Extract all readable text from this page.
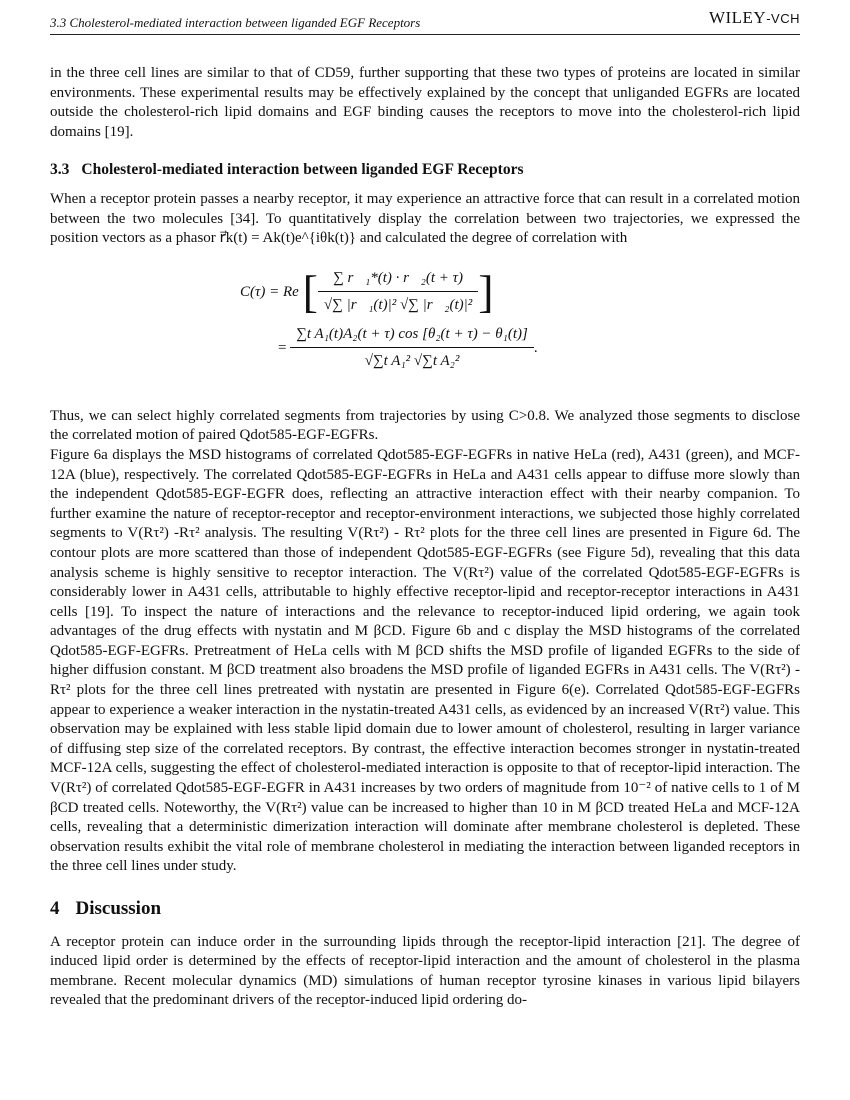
3.3 Cholesterol-mediated interaction between liganded EGF Receptors	WILEY-VCH

in the three cell lines are similar to that of CD59, further supporting that these two types of proteins are located in similar environments. These experimental results may be effectively explained by the concept that unliganded EGFRs are located outside the cholesterol-rich lipid domains and EGF binding causes the receptors to move into the cholesterol-rich lipid domains [19].

3.3 Cholesterol-mediated interaction between liganded EGF Receptors

When a receptor protein passes a nearby receptor, it may experience an attractive force that can result in a correlated motion between the two molecules [34]. To quantitatively display the correlation between two trajectories, we expressed the position vectors as a phasor r⃗k(t) = Ak(t)e^{iθk(t)} and calculated the degree of correlation with

C(τ) = Re [ $\frac{\text{∑ r⃗₁*(t) · r⃗₂(t + τ)}}{\text{√∑ |r⃗₁(t)|² √∑ |r⃗₂(t)|²}}$ ]
= $\frac{\text{∑t A₁(t)A₂(t + τ) cos [θ₂(t + τ) − θ₁(t)]}}{\text{√∑t A₁² √∑t A₂²}}$ .

Thus, we can select highly correlated segments from trajectories by using C>0.8. We analyzed those segments to disclose the correlated motion of paired Qdot585-EGF-EGFRs.

Figure 6a displays the MSD histograms of correlated Qdot585-EGF-EGFRs in native HeLa (red), A431 (green), and MCF-12A (blue), respectively. The correlated Qdot585-EGF-EGFRs in HeLa and A431 cells appear to diffuse more slowly than the independent Qdot585-EGF-EGFR does, reflecting an attractive interaction effect with their nearby companion. To further examine the nature of receptor-receptor and receptor-environment interactions, we subjected those highly correlated segments to V(Rτ²) -Rτ² analysis. The resulting V(Rτ²) - Rτ² plots for the three cell lines are presented in Figure 6d. The contour plots are more scattered than those of independent Qdot585-EGF-EGFRs (see Figure 5d), revealing that this data analysis scheme is highly sensitive to receptor interaction. The V(Rτ²) value of the correlated Qdot585-EGF-EGFRs is considerably lower in A431 cells, attributable to highly effective receptor-lipid and receptor-receptor interactions in A431 cells [19]. To inspect the nature of interactions and the relevance to receptor-induced lipid ordering, we again took advantages of the drug effects with nystatin and M βCD. Figure 6b and c display the MSD histograms of the correlated Qdot585-EGF-EGFRs. Pretreatment of HeLa cells with M βCD shifts the MSD profile of liganded EGFRs to the side of higher diffusion constant. M βCD treatment also broadens the MSD profile of liganded EGFRs in A431 cells. The V(Rτ²) -Rτ² plots for the three cell lines pretreated with nystatin are presented in Figure 6(e). Correlated Qdot585-EGF-EGFRs appear to experience a weaker interaction in the nystatin-treated A431 cells, as evidenced by an increased V(Rτ²) value. This observation may be explained with less stable lipid domain due to lower amount of cholesterol, resulting in larger variance of diffusing step size of the correlated receptors. By contrast, the effective interaction becomes stronger in nystatin-treated MCF-12A cells, suggesting the effect of cholesterol-mediated interaction is opposite to that of receptor-lipid interaction. The V(Rτ²) of correlated Qdot585-EGF-EGFR in A431 increases by two orders of magnitude from 10⁻² of native cells to 1 of M βCD treated cells. Noteworthy, the V(Rτ²) value can be increased to higher than 10 in M βCD treated HeLa and MCF-12A cells, revealing that a deterministic dimerization interaction will dominate after membrane cholesterol is depleted. These observation results exhibit the vital role of membrane cholesterol in mediating the interaction between liganded receptors in the three cell lines under study.

4 Discussion

A receptor protein can induce order in the surrounding lipids through the receptor-lipid interaction [21]. The degree of induced lipid order is determined by the effects of receptor-lipid interaction and the amount of cholesterol in the plasma membrane. Recent molecular dynamics (MD) simulations of human receptor tyrosine kinases in various lipid bilayers revealed that the predominant drivers of the receptor-induced lipid ordering do-
